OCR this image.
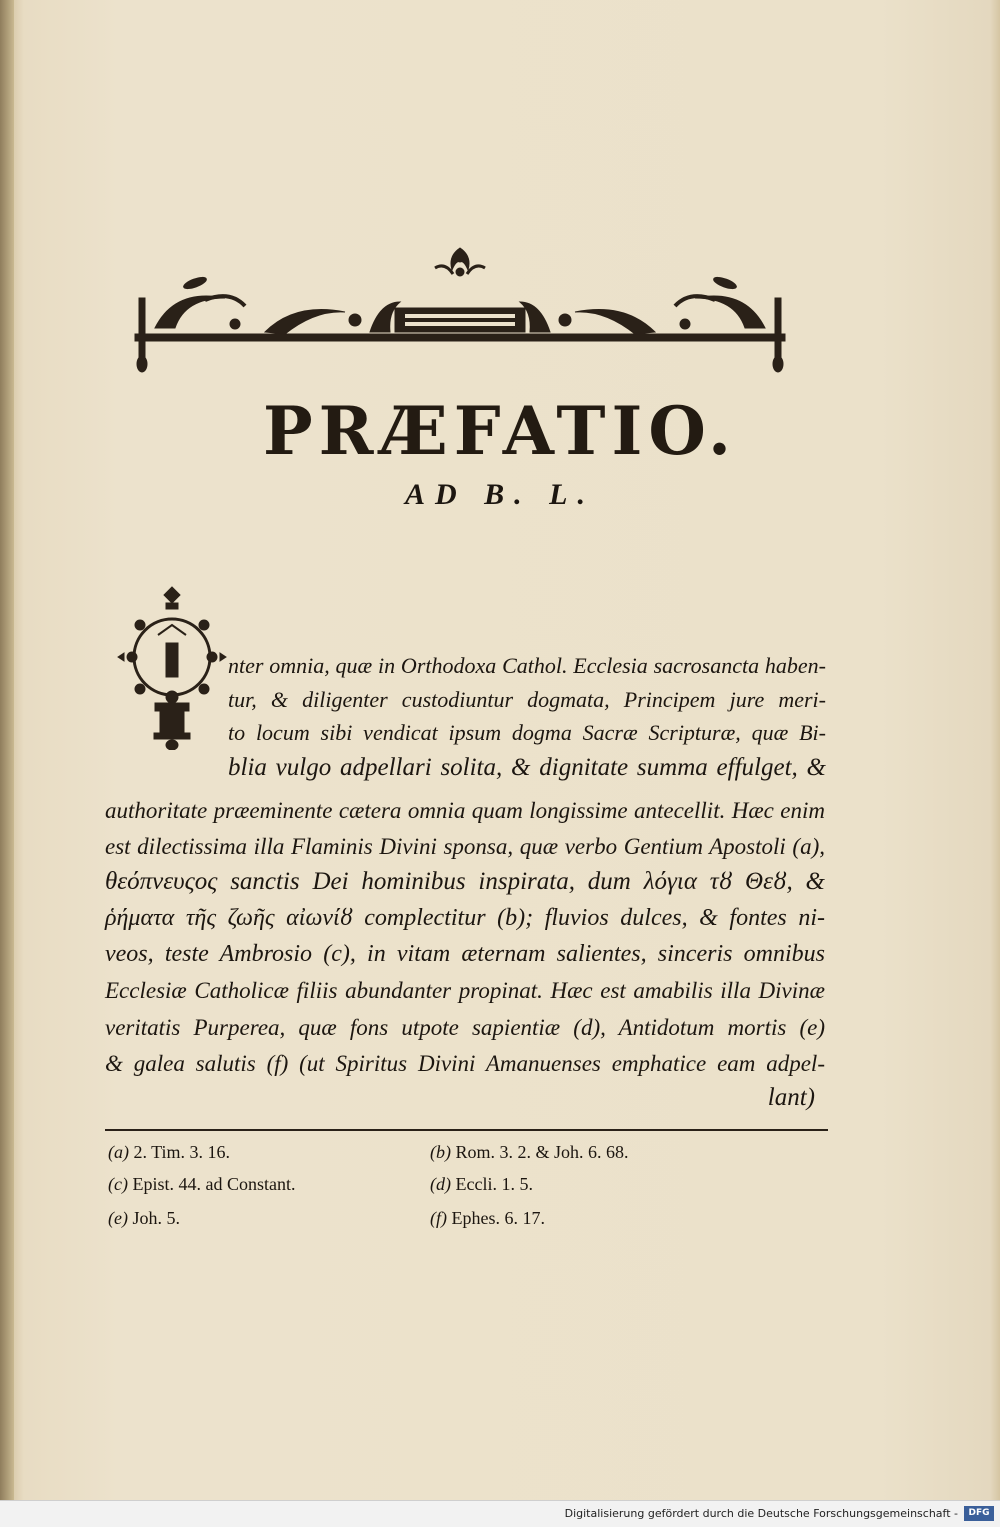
PRÆFATIO.
AD B. L.
nter omnia, quæ in Orthodoxa Cathol. Ecclesia sacrosancta haben-
tur, & diligenter custodiuntur dogmata, Principem jure meri-
to locum sibi vendicat ipsum dogma Sacræ Scripturæ, quæ Bi-
blia vulgo adpellari solita, & dignitate summa effulget, &
authoritate præeminente cætera omnia quam longissime antecellit. Hæc enim
est dilectissima illa Flaminis Divini sponsa, quæ verbo Gentium Apostoli (a),
θεόπνευςος sanctis Dei hominibus inspirata, dum λόγια τȣ Θεȣ, &
ῥήματα τῆς ζωῆς αἰωνίȣ complectitur (b); fluvios dulces, & fontes ni-
veos, teste Ambrosio (c), in vitam æternam salientes, sinceris omnibus
Ecclesiæ Catholicæ filiis abundanter propinat. Hæc est amabilis illa Divinæ
veritatis Purperea, quæ fons utpote sapientiæ (d), Antidotum mortis (e)
& galea salutis (f) (ut Spiritus Divini Amanuenses emphatice eam adpel-
lant)
(a) 2. Tim. 3. 16.	(b) Rom. 3. 2. & Joh. 6. 68.
(c) Epist. 44. ad Constant.	(d) Eccli. 1. 5.
(e) Joh. 5.	(f) Ephes. 6. 17.
Digitalisierung gefördert durch die Deutsche Forschungsgemeinschaft -	DFG
